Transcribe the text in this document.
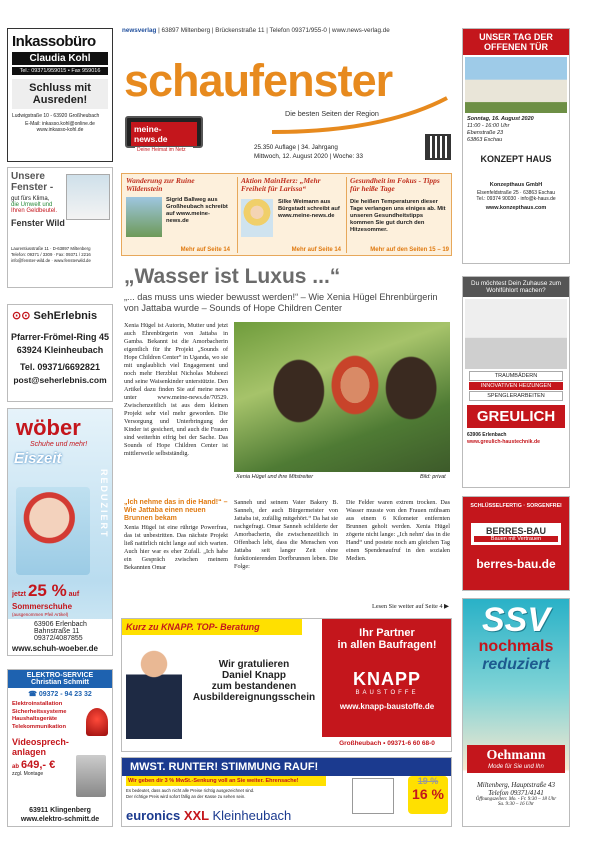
newsverlag | 63897 Miltenberg | Brückenstraße 11 | Telefon 09371/955-0 | www.news-verlag.de
schaufenster
Die besten Seiten der Region
meine-news.de
Deine Heimat im Netz	25.350 Auflage | 34. Jahrgang
Mittwoch, 12. August 2020 | Woche: 33
Inkassobüro
Claudia Kohl
Tel.: 09371/959015 • Fax 959016
Schluss mit
Ausreden!
Ludwigstraße 10 - 63920 Großheubach
E-Mail: inkasso.kohl@online.de
www.inkasso-kohl.de
Unsere
Fenster -
gut fürs Klima,
die Umwelt und
Ihren Geldbeutel.
Fenster Wild
Laurentiusstraße 11 · D-63897 Miltenberg
Telefon: 09371 / 3309 · Fax: 09371 / 2216
info@fenster-wild.de · www.fensterwild.de
⊙⊙ SehErlebnis
Pfarrer-Frömel-Ring 45
63924 Kleinheubach
Tel. 09371/6692821
post@seherlebnis.com
wöber
Schuhe und mehr!
Eiszeit
REDUZIERT
jetzt 25 % auf
Sommerschuhe
(ausgenommen Pfeil Artikel)
63906 Erlenbach
Bahnstraße 11
09372/4087855
www.schuh-woeber.de
ELEKTRO-SERVICE
Christian Schmitt
☎ 09372 - 94 23 32
Elektroinstallation
Sicherheitssysteme
Haushaltsgeräte
Telekommunikation
Videosprech-anlagen
ab 649,- €
zzgl. Montage
63911 Klingenberg
www.elektro-schmitt.de
Wanderung zur Ruine Wildenstein
Sigrid Ballweg aus Großheubach schreibt auf www.meine-news.de
Mehr auf Seite 14
Aktion MainHerz: „Mehr Freiheit für Larissa“
Silke Weimann aus Bürgstadt schreibt auf www.meine-news.de
Mehr auf Seite 14
Gesundheit im Fokus - Tipps für heiße Tage
Die heißen Temperaturen dieser Tage verlangen uns einiges ab. Mit unseren Gesundheitstipps kommen Sie gut durch den Hitzesommer.
Mehr auf den Seiten 15 – 19
„Wasser ist Luxus ...“
„... das muss uns wieder bewusst werden!“ – Wie Xenia Hügel Ehrenbürgerin von Jattaba wurde – Sounds of Hope Children Center
Xenia Hügel ist Autorin, Mutter und jetzt auch Ehrenbürgerin von Jattaba in Gamba. Bekannt ist die Amorbacherin eigentlich für ihr Projekt „Sounds of Hope Children Center“ in Uganda, wo sie mit unglaublich viel Engagement und noch mehr Herzblut Nicholas Mubeezi und seine Waisenkinder unterstützte. Den Artikel dazu finden Sie auf meine news unter www.meine-news.de/70529. Zwischenzeitlich ist aus dem kleinen Projekt sehr viel mehr geworden. Die Versorgung und Unterbringung der Kinder ist gesichert, und auch die Frauen sind weiterhin eifrig bei der Sache. Das Sounds of Hope Children Center ist mittlerweile selbstständig.
Xenia Hügel und ihre Mitstreiter	Bild: privat
„Ich nehme das in die Hand!“ – Wie Jattaba einen neuen Brunnen bekam
Xenia Hügel ist eine rührige Powerfrau, das ist unbestritten. Das nächste Projekt ließ natürlich nicht lange auf sich warten. Auch hier war es eher Zufall. „Ich habe ein Gespräch zwischen meinem Bekannten Omar
Sanneh und seinem Vater Bakery B. Sanneh, der auch Bürgermeister von Jattaba ist, zufällig mitgehört.“ Da hat sie nachgefragt. Omar Sanneh schilderte der Amorbacherin, die zwischenzeitlich in Offenbach lebt, dass die Menschen von Jattaba seit langer Zeit ohne funktionierenden Dorfbrunnen leben. Die Folge:
Die Felder waren extrem trocken. Das Wasser musste von den Frauen mühsam aus einem 6 Kilometer entfernten Brunnen geholt werden. Xenia Hügel zögerte nicht lange: „Ich nehm' das in die Hand“ und postete noch am gleichen Tag einen Spendenaufruf in den sozialen Medien.
Lesen Sie weiter auf Seite 4 ▶
Kurz zu KNAPP. TOP- Beratung
Wir gratulieren
Daniel Knapp
zum bestandenen
Ausbildereignungsschein
Ihr Partner
in allen Baufragen!
KNAPP
BAUSTOFFE
www.knapp-baustoffe.de
Großheubach • 09371-6 60 68-0
MWST. RUNTER! STIMMUNG RAUF!
Wir geben dir 3 % MwSt.-Senkung voll an Sie weiter. Ehrensache!
Es bedeutet, dass auch nicht alle Preise richtig ausgezeichnet sind.
Der richtige Preis wird sofort fällig an der Kasse zu sehen sein.
19 %
16 %
euronics XXL Kleinheubach
UNSER TAG DER
OFFENEN TÜR
Sonntag, 16. August 2020
11:00 - 16:00 Uhr
Ebenstraße 23
63863 Eschau
KONZEPT HAUS
Konzepthaus GmbH
Elsenfeldstraße 25 · 63863 Eschau
Tel.: 09374 90030 · info@k-haus.de
www.konzepthaus.com
Du möchtest Dein Zuhause zum Wohlfühlort machen?
TRAUMBÄDERN
INNOVATIVEN HEIZUNGEN
SPENGLERARBEITEN
GREULICH
63906 Erlenbach
www.greulich-haustechnik.de
SCHLÜSSELFERTIG · SORGENFREI
BERRES-BAU
Bauen mit Vertrauen
berres-bau.de
SSV
nochmals
reduziert
Oehmann
Mode für Sie und Ihn
Miltenberg, Hauptstraße 43
Telefon 09371/4141
Öffnungszeiten: Mo. - Fr. 9:30 – 18 Uhr
Sa. 9:30 – 16 Uhr
